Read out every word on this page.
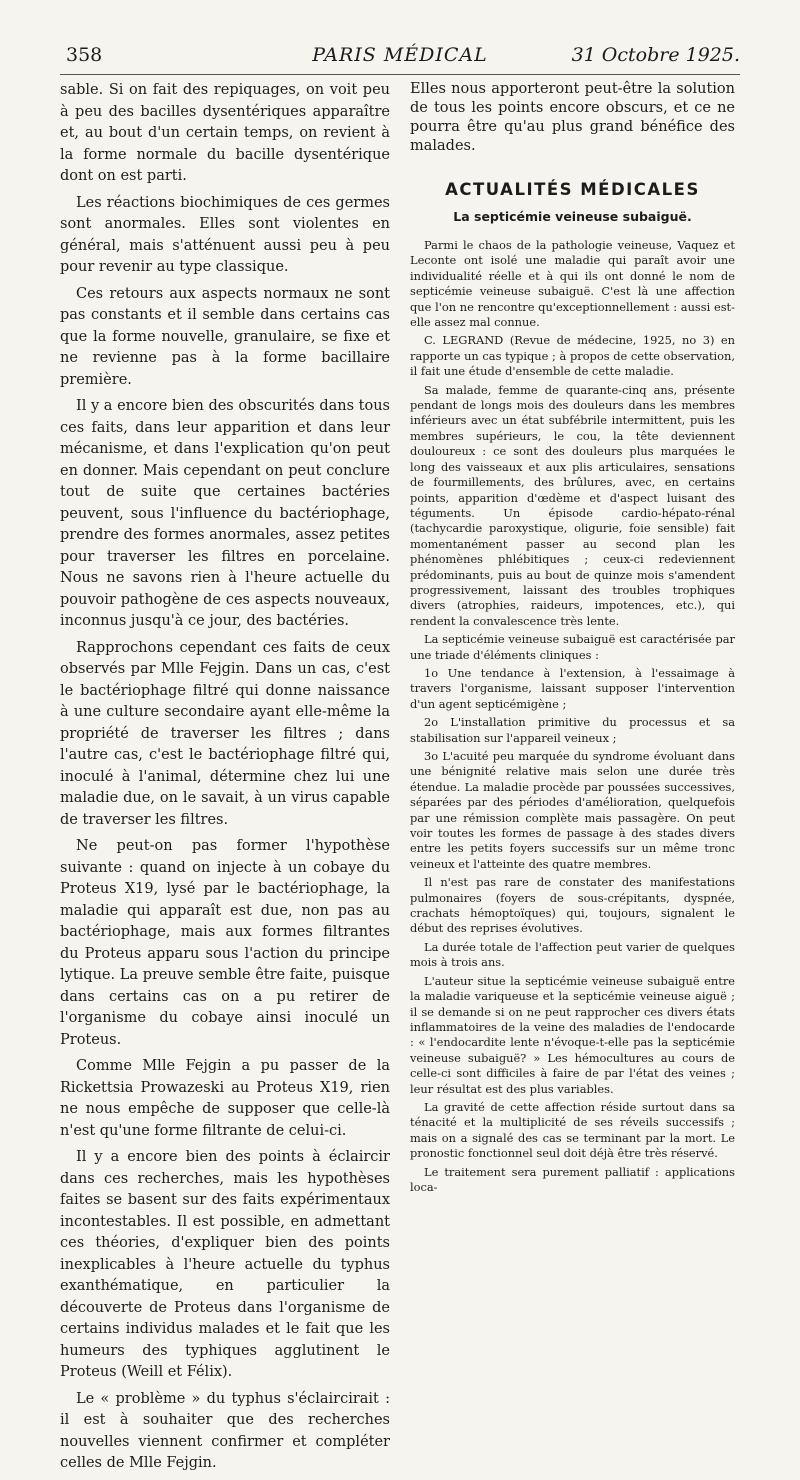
358	PARIS MÉDICAL	31 Octobre 1925.

sable. Si on fait des repiquages, on voit peu à peu des bacilles dysentériques apparaître et, au bout d'un certain temps, on revient à la forme normale du bacille dysentérique dont on est parti.

Les réactions biochimiques de ces germes sont anormales. Elles sont violentes en général, mais s'atténuent aussi peu à peu pour revenir au type classique.

Ces retours aux aspects normaux ne sont pas constants et il semble dans certains cas que la forme nouvelle, granulaire, se fixe et ne revienne pas à la forme bacillaire première.

Il y a encore bien des obscurités dans tous ces faits, dans leur apparition et dans leur mécanisme, et dans l'explication qu'on peut en donner. Mais cependant on peut conclure tout de suite que certaines bactéries peuvent, sous l'influence du bactériophage, prendre des formes anormales, assez petites pour traverser les filtres en porcelaine. Nous ne savons rien à l'heure actuelle du pouvoir pathogène de ces aspects nouveaux, inconnus jusqu'à ce jour, des bactéries.

Rapprochons cependant ces faits de ceux observés par Mlle Fejgin. Dans un cas, c'est le bactériophage filtré qui donne naissance à une culture secondaire ayant elle-même la propriété de traverser les filtres ; dans l'autre cas, c'est le bactériophage filtré qui, inoculé à l'animal, détermine chez lui une maladie due, on le savait, à un virus capable de traverser les filtres.

Ne peut-on pas former l'hypothèse suivante : quand on injecte à un cobaye du Proteus X19, lysé par le bactériophage, la maladie qui apparaît est due, non pas au bactériophage, mais aux formes filtrantes du Proteus apparu sous l'action du principe lytique. La preuve semble être faite, puisque dans certains cas on a pu retirer de l'organisme du cobaye ainsi inoculé un Proteus.

Comme Mlle Fejgin a pu passer de la Rickettsia Prowazeski au Proteus X19, rien ne nous empêche de supposer que celle-là n'est qu'une forme filtrante de celui-ci.

Il y a encore bien des points à éclaircir dans ces recherches, mais les hypothèses faites se basent sur des faits expérimentaux incontestables. Il est possible, en admettant ces théories, d'expliquer bien des points inexplicables à l'heure actuelle du typhus exanthématique, en particulier la découverte de Proteus dans l'organisme de certains individus malades et le fait que les humeurs des typhiques agglutinent le Proteus (Weill et Félix).

Le « problème » du typhus s'éclaircirait : il est à souhaiter que des recherches nouvelles viennent confirmer et compléter celles de Mlle Fejgin.

Elles nous apporteront peut-être la solution de tous les points encore obscurs, et ce ne pourra être qu'au plus grand bénéfice des malades.

ACTUALITÉS MÉDICALES
La septicémie veineuse subaiguë.

Parmi le chaos de la pathologie veineuse, Vaquez et Leconte ont isolé une maladie qui paraît avoir une individualité réelle et à qui ils ont donné le nom de septicémie veineuse subaiguë. C'est là une affection que l'on ne rencontre qu'exceptionnellement : aussi est-elle assez mal connue.

C. LEGRAND (Revue de médecine, 1925, no 3) en rapporte un cas typique ; à propos de cette observation, il fait une étude d'ensemble de cette maladie.

Sa malade, femme de quarante-cinq ans, présente pendant de longs mois des douleurs dans les membres inférieurs avec un état subfébrile intermittent, puis les membres supérieurs, le cou, la tête deviennent douloureux : ce sont des douleurs plus marquées le long des vaisseaux et aux plis articulaires, sensations de fourmillements, des brûlures, avec, en certains points, apparition d'œdème et d'aspect luisant des téguments. Un épisode cardio-hépato-rénal (tachycardie paroxystique, oligurie, foie sensible) fait momentanément passer au second plan les phénomènes phlébitiques ; ceux-ci redeviennent prédominants, puis au bout de quinze mois s'amendent progressivement, laissant des troubles trophiques divers (atrophies, raideurs, impotences, etc.), qui rendent la convalescence très lente.

La septicémie veineuse subaiguë est caractérisée par une triade d'éléments cliniques :

1o Une tendance à l'extension, à l'essaimage à travers l'organisme, laissant supposer l'intervention d'un agent septicémigène ;

2o L'installation primitive du processus et sa stabilisation sur l'appareil veineux ;

3o L'acuité peu marquée du syndrome évoluant dans une bénignité relative mais selon une durée très étendue. La maladie procède par poussées successives, séparées par des périodes d'amélioration, quelquefois par une rémission complète mais passagère. On peut voir toutes les formes de passage à des stades divers entre les petits foyers successifs sur un même tronc veineux et l'atteinte des quatre membres.

Il n'est pas rare de constater des manifestations pulmonaires (foyers de sous-crépitants, dyspnée, crachats hémoptoïques) qui, toujours, signalent le début des reprises évolutives.

La durée totale de l'affection peut varier de quelques mois à trois ans.

L'auteur situe la septicémie veineuse subaiguë entre la maladie variqueuse et la septicémie veineuse aiguë ; il se demande si on ne peut rapprocher ces divers états inflammatoires de la veine des maladies de l'endocarde : « l'endocardite lente n'évoque-t-elle pas la septicémie veineuse subaiguë? » Les hémocultures au cours de celle-ci sont difficiles à faire de par l'état des veines ; leur résultat est des plus variables.

La gravité de cette affection réside surtout dans sa ténacité et la multiplicité de ses réveils successifs ; mais on a signalé des cas se terminant par la mort. Le pronostic fonctionnel seul doit déjà être très réservé.

Le traitement sera purement palliatif : applications loca-
